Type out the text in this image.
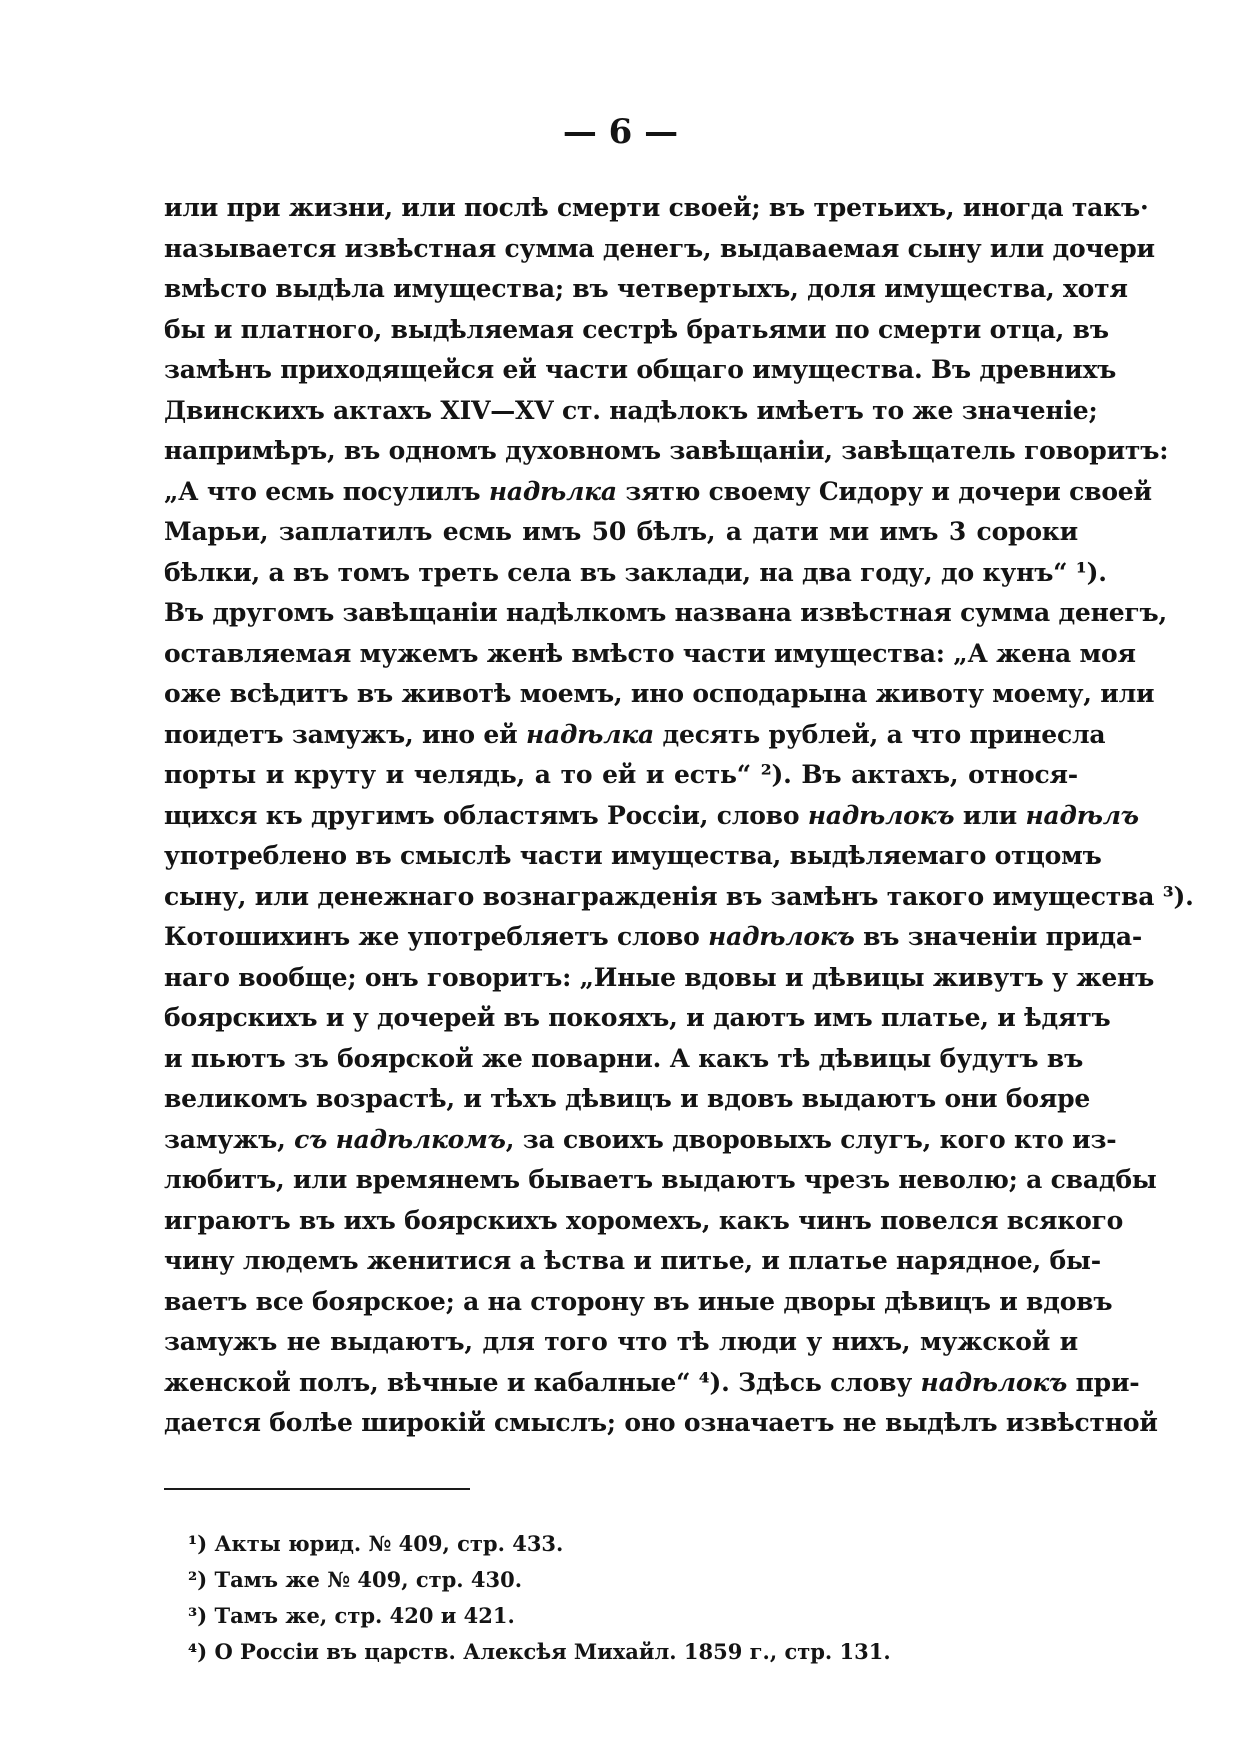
— 6 —
или при жизни, или послѣ смерти своей; въ третьихъ, иногда такъ·
называется извѣстная сумма денегъ, выдаваемая сыну или дочери
вмѣсто выдѣла имущества; въ четвертыхъ, доля имущества, хотя
бы и платного, выдѣляемая сестрѣ братьями по смерти отца, въ
замѣнъ приходящейся ей части общаго имущества. Въ древнихъ
Двинскихъ актахъ XIV—XV ст. надѣлокъ имѣетъ то же значеніе;
напримѣръ, въ одномъ духовномъ завѣщаніи, завѣщатель говоритъ:
„А что есмь посулилъ надѣлка зятю своему Сидору и дочери своей
Марьи, заплатилъ есмь имъ 50 бѣлъ, а дати ми имъ 3 сороки
бѣлки, а въ томъ треть села въ заклади, на два году, до кунъ“ ¹).
Въ другомъ завѣщаніи надѣлкомъ названа извѣстная сумма денегъ,
оставляемая мужемъ женѣ вмѣсто части имущества: „А жена моя
оже всѣдитъ въ животѣ моемъ, ино осподарына животу моему, или
поидетъ замужъ, ино ей надѣлка десять рублей, а что принесла
порты и круту и челядь, а то ей и есть“ ²). Въ актахъ, относя-
щихся къ другимъ областямъ Россіи, слово надѣлокъ или надѣлъ
употреблено въ смыслѣ части имущества, выдѣляемаго отцомъ
сыну, или денежнаго вознагражденія въ замѣнъ такого имущества ³).
Котошихинъ же употребляетъ слово надѣлокъ въ значеніи прида-
наго вообще; онъ говоритъ: „Иные вдовы и дѣвицы живутъ у женъ
боярскихъ и у дочерей въ покояхъ, и даютъ имъ платье, и ѣдятъ
и пьютъ зъ боярской же поварни. А какъ тѣ дѣвицы будутъ въ
великомъ возрастѣ, и тѣхъ дѣвицъ и вдовъ выдаютъ они бояре
замужъ, съ надѣлкомъ, за своихъ дворовыхъ слугъ, кого кто из-
любитъ, или времянемъ бываетъ выдаютъ чрезъ неволю; а свадбы
играютъ въ ихъ боярскихъ хоромехъ, какъ чинъ повелся всякого
чину людемъ женитися а ѣства и питье, и платье нарядное, бы-
ваетъ все боярское; а на сторону въ иные дворы дѣвицъ и вдовъ
замужъ не выдаютъ, для того что тѣ люди у нихъ, мужской и
женской полъ, вѣчные и кабалные“ ⁴). Здѣсь слову надѣлокъ при-
дается болѣе широкій смыслъ; оно означаетъ не выдѣлъ извѣстной
¹) Акты юрид. № 409, стр. 433.
²) Тамъ же № 409, стр. 430.
³) Тамъ же, стр. 420 и 421.
⁴) О Россіи въ царств. Алексѣя Михайл. 1859 г., стр. 131.
